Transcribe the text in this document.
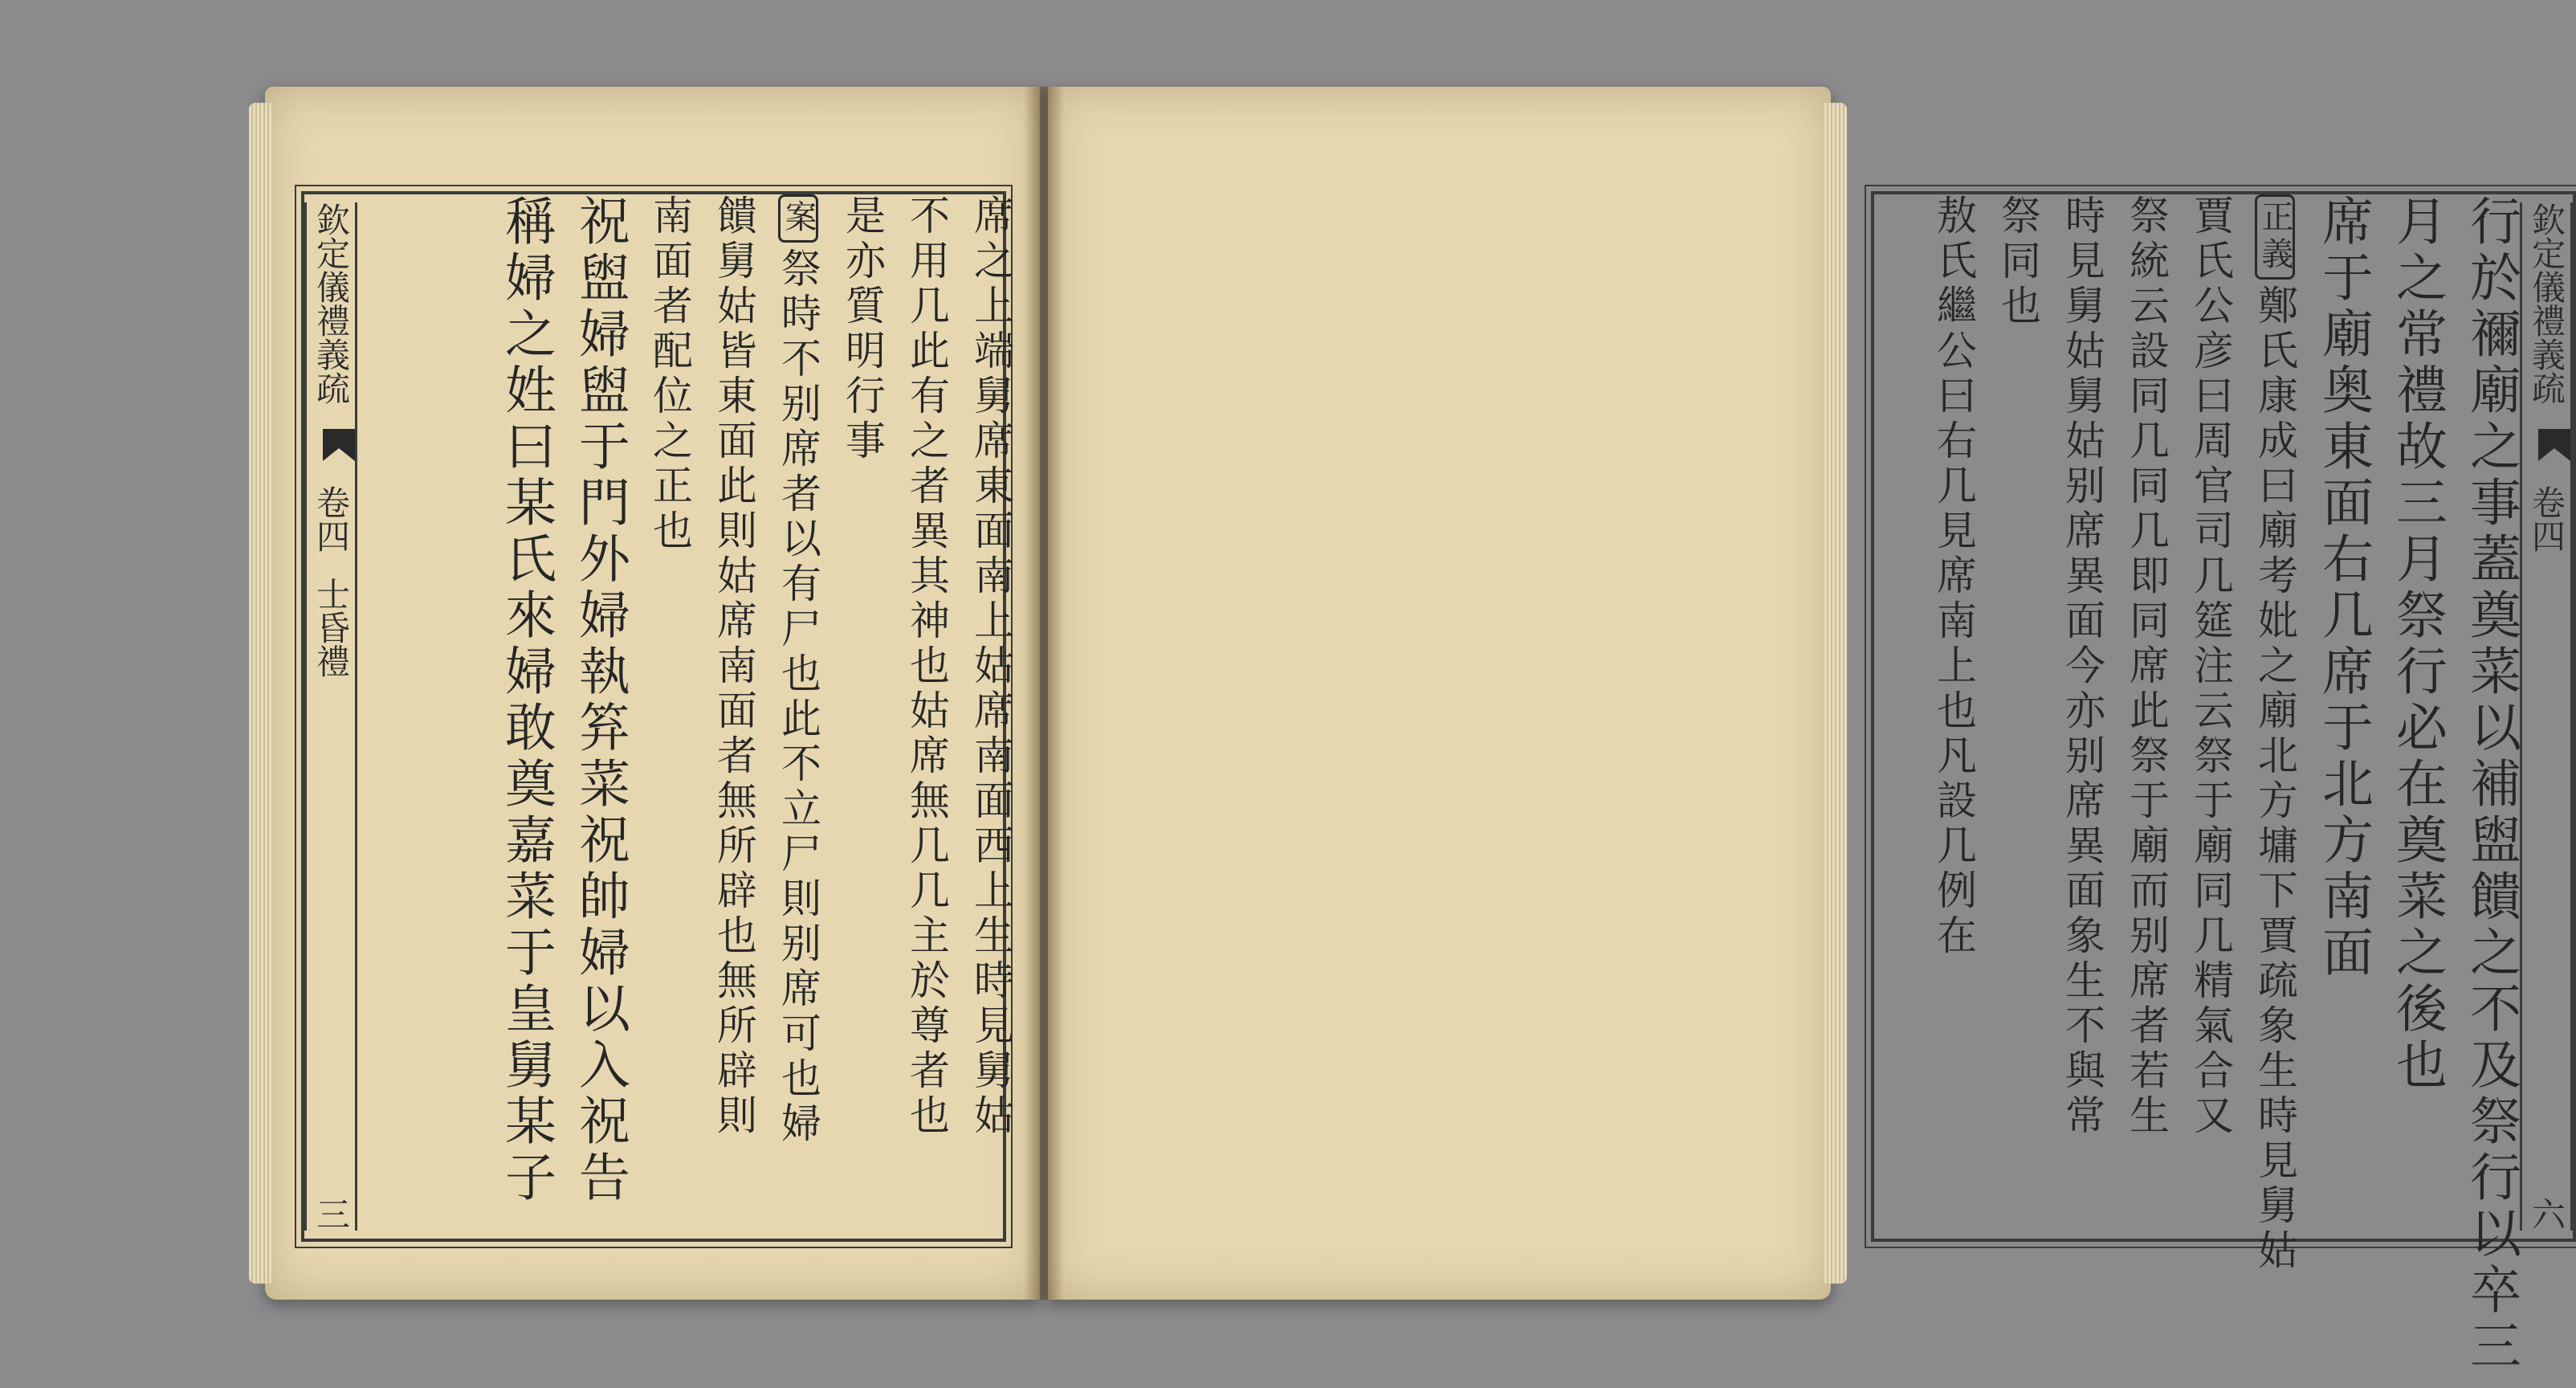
欽定儀禮義疏
卷四
士昏禮
三
席之上端舅席東面南上姑席南面西上生時見舅姑
不用几此有之者異其神也姑席無几几主於尊者也
是亦質明行事
案祭時不别席者以有尸也此不立尸則别席可也婦
饋舅姑皆東面此則姑席南面者無所辟也無所辟則
南面者配位之正也
祝盥婦盥于門外婦執笲菜祝帥婦以入祝告
稱婦之姓曰某氏來婦敢奠嘉菜于皇舅某子	欽定儀禮義疏
卷四
六
行於禰廟之事蓋奠菜以補盥饋之不及祭行以卒三
月之常禮故三月祭行必在奠菜之後也
席于廟奥東面右几席于北方南面
正義鄭氏康成曰廟考妣之廟北方墉下賈疏象生時見舅姑
賈氏公彦曰周官司几筵注云祭于廟同几精氣合又
祭統云設同几同几即同席此祭于廟而别席者若生
時見舅姑舅姑别席異面今亦别席異面象生不與常
祭同也
敖氏繼公曰右几見席南上也凡設几例在
